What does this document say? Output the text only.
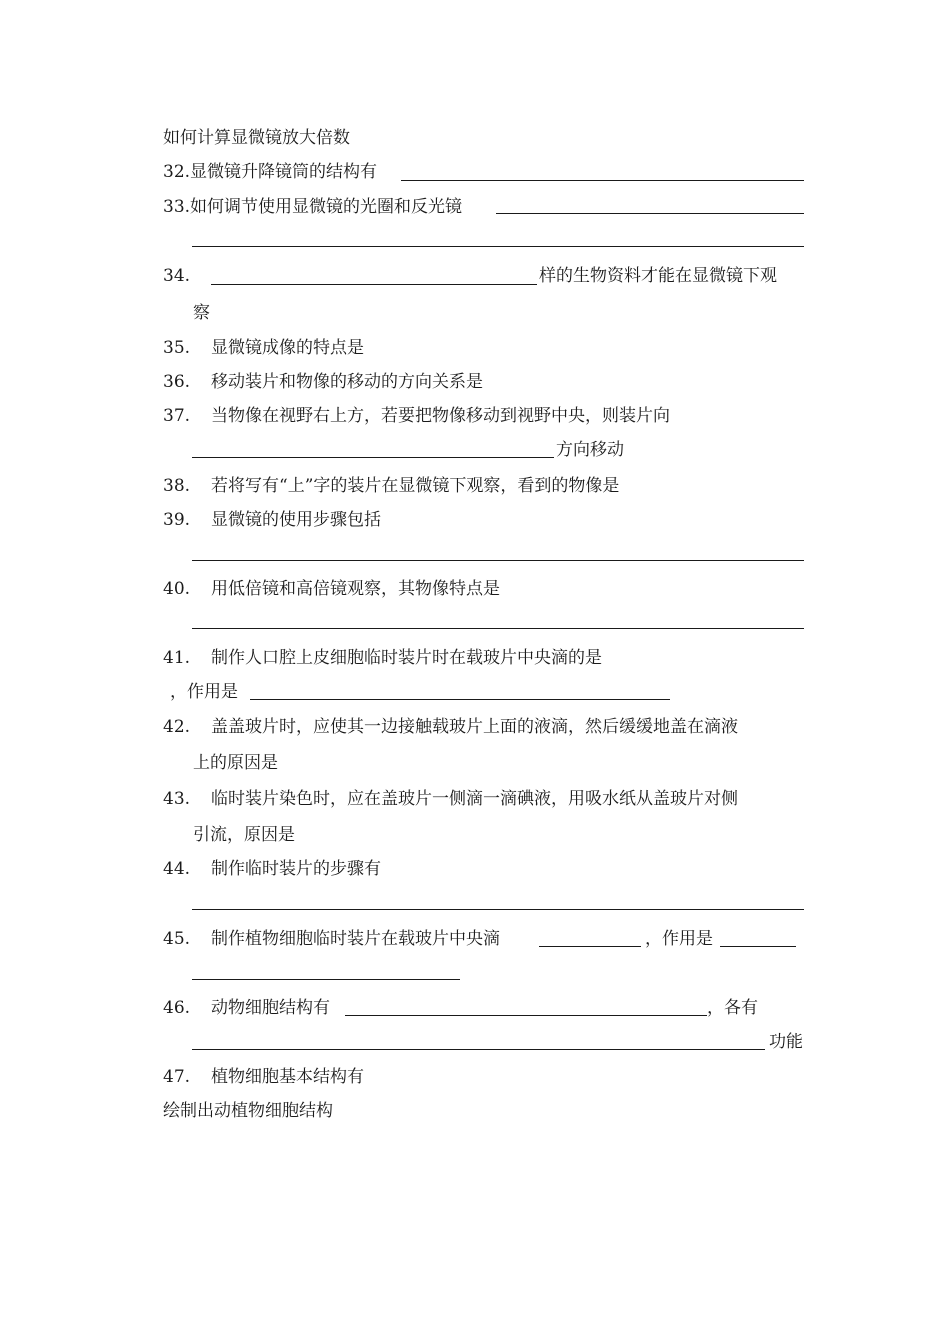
如何计算显微镜放大倍数
32.显微镜升降镜筒的结构有
33.如何调节使用显微镜的光圈和反光镜
34.	样的生物资料才能在显微镜下观
察
35. 显微镜成像的特点是
36. 移动装片和物像的移动的方向关系是
37. 当物像在视野右上方，若要把物像移动到视野中央，则装片向
方向移动
38. 若将写有“上”字的装片在显微镜下观察，看到的物像是
39. 显微镜的使用步骤包括
40. 用低倍镜和高倍镜观察，其物像特点是
41. 制作人口腔上皮细胞临时装片时在载玻片中央滴的是
，作用是
42. 盖盖玻片时，应使其一边接触载玻片上面的液滴，然后缓缓地盖在滴液
上的原因是
43. 临时装片染色时，应在盖玻片一侧滴一滴碘液，用吸水纸从盖玻片对侧
引流，原因是
44. 制作临时装片的步骤有
45. 制作植物细胞临时装片在载玻片中央滴	，作用是
46. 动物细胞结构有	，各有
功能
47. 植物细胞基本结构有
绘制出动植物细胞结构
